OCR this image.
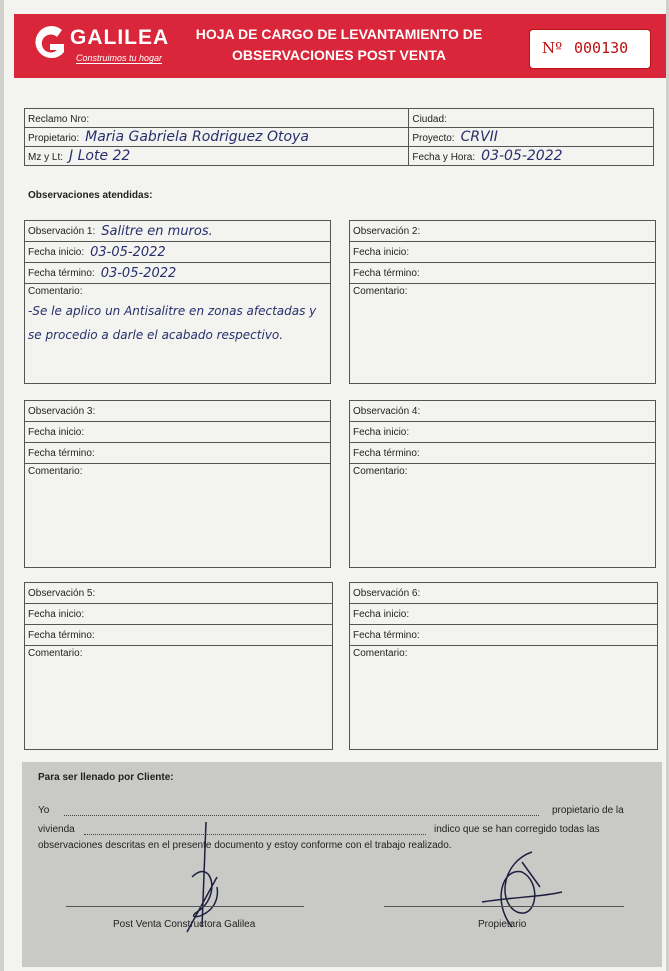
GALILEA
Construimos tu hogar
HOJA DE CARGO DE LEVANTAMIENTO DE
OBSERVACIONES POST VENTA	Nº 000130
Reclamo Nro:	Ciudad:
Propietario: Maria Gabriela Rodriguez Otoya	Proyecto: CRVII
Mz y Lt: J Lote 22	Fecha y Hora: 03-05-2022
Observaciones atendidas:
Observación 1: Salitre en muros.
Fecha inicio: 03-05-2022
Fecha término: 03-05-2022
Comentario:
-Se le aplico un Antisalitre en zonas afectadas y se procedio a darle el acabado respectivo.
Observación 2:
Fecha inicio:
Fecha término:
Comentario:
Observación 3:
Fecha inicio:
Fecha término:
Comentario:
Observación 4:
Fecha inicio:
Fecha término:
Comentario:
Observación 5:
Fecha inicio:
Fecha término:
Comentario:
Observación 6:
Fecha inicio:
Fecha término:
Comentario:
Para ser llenado por Cliente:
Yo	propietario de la
vivienda	indico que se han corregido todas las
observaciones descritas en el presente documento y estoy conforme con el trabajo realizado.
Post Venta Constructora Galilea	Propietario
